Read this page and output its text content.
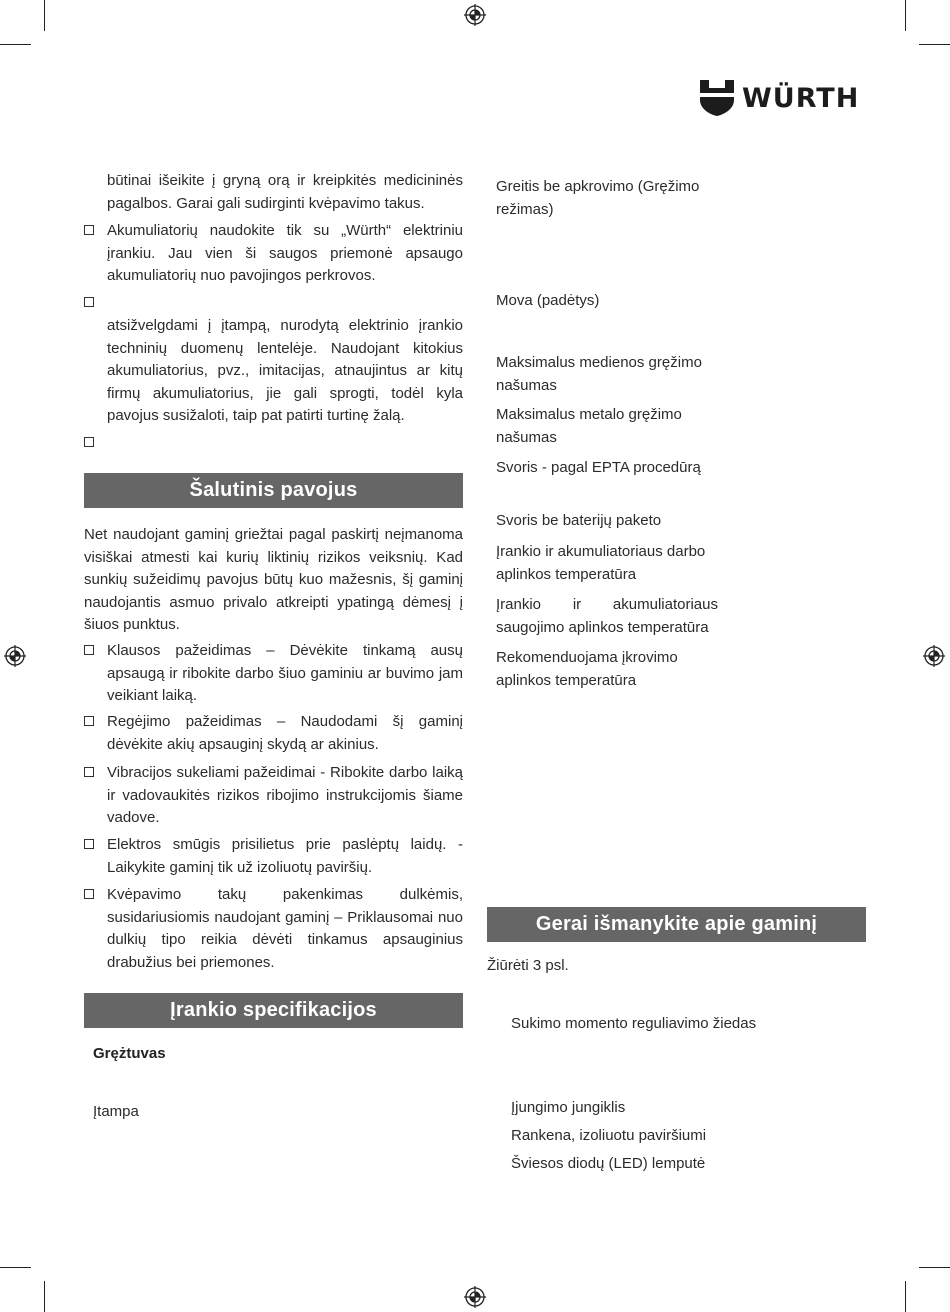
WÜRTH
būtinai išeikite į gryną orą ir kreipkitės medicininės pagalbos. Garai gali sudirginti kvėpavimo takus.
Akumuliatorių naudokite tik su „Würth“ elektriniu įrankiu. Jau vien ši saugos priemonė apsaugo akumuliatorių nuo pavojingos perkrovos.
atsižvelgdami į įtampą, nurodytą elektrinio įrankio techninių duomenų lentelėje. Naudojant kitokius akumuliatorius, pvz., imitacijas, atnaujintus ar kitų firmų akumuliatorius, jie gali sprogti, todėl kyla pavojus susižaloti, taip pat patirti turtinę žalą.
Šalutinis pavojus
Net naudojant gaminį griežtai pagal paskirtį neįmanoma visiškai atmesti kai kurių liktinių rizikos veiksnių. Kad sunkių sužeidimų pavojus būtų kuo mažesnis, šį gaminį naudojantis asmuo privalo atkreipti ypatingą dėmesį į šiuos punktus.
Klausos pažeidimas – Dėvėkite tinkamą ausų apsaugą ir ribokite darbo šiuo gaminiu ar buvimo jam veikiant laiką.
Regėjimo pažeidimas – Naudodami šį gaminį dėvėkite akių apsauginį skydą ar akinius.
Vibracijos sukeliami pažeidimai - Ribokite darbo laiką ir vadovaukitės rizikos ribojimo instrukcijomis šiame vadove.
Elektros smūgis prisilietus prie paslėptų laidų. - Laikykite gaminį tik už izoliuotų paviršių.
Kvėpavimo takų pakenkimas dulkėmis, susidariusiomis naudojant gaminį – Priklausomai nuo dulkių tipo reikia dėvėti tinkamus apsauginius drabužius bei priemones.
Įrankio specifikacijos
Grężtuvas
Įtampa
Greitis be apkrovimo (Gręžimo režimas)
Mova (padėtys)
Maksimalus medienos gręžimo našumas
Maksimalus metalo gręžimo našumas
Svoris - pagal EPTA procedūrą
Svoris be baterijų paketo
Įrankio ir akumuliatoriaus darbo aplinkos temperatūra
Įrankio ir akumuliatoriaus saugojimo aplinkos temperatūra
Rekomenduojama įkrovimo aplinkos temperatūra
Gerai išmanykite apie gaminį
Žiūrėti 3 psl.
Sukimo momento reguliavimo žiedas
Įjungimo jungiklis
Rankena, izoliuotu paviršiumi
Šviesos diodų (LED) lemputė
